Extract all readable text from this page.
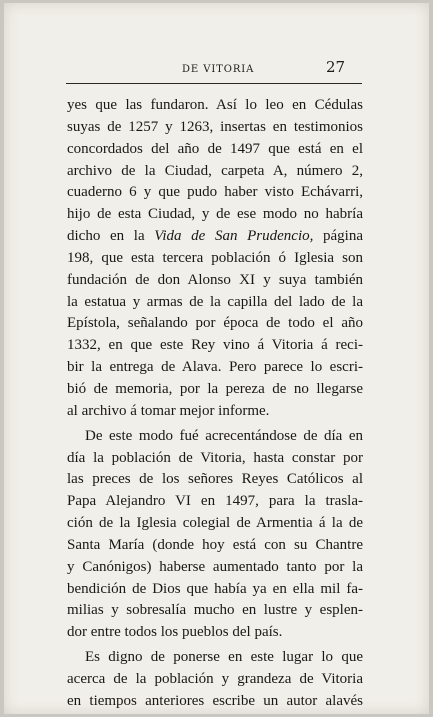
DE VITORIA	27
yes que las fundaron. Así lo leo en Cédulas
suyas de 1257 y 1263, insertas en testimonios
concordados del año de 1497 que está en el
archivo de la Ciudad, carpeta A, número 2,
cuaderno 6 y que pudo haber visto Echávarri,
hijo de esta Ciudad, y de ese modo no habría
dicho en la Vida de San Prudencio, página
198, que esta tercera población ó Iglesia son
fundación de don Alonso XI y suya también
la estatua y armas de la capilla del lado de la
Epístola, señalando por época de todo el año
1332, en que este Rey vino á Vitoria á reci-
bir la entrega de Alava. Pero parece lo escri-
bió de memoria, por la pereza de no llegarse
al archivo á tomar mejor informe.
De este modo fué acrecentándose de día en
día la población de Vitoria, hasta constar por
las preces de los señores Reyes Católicos al
Papa Alejandro VI en 1497, para la trasla-
ción de la Iglesia colegial de Armentia á la de
Santa María (donde hoy está con su Chantre
y Canónigos) haberse aumentado tanto por la
bendición de Dios que había ya en ella mil fa-
milias y sobresalía mucho en lustre y esplen-
dor entre todos los pueblos del país.
Es digno de ponerse en este lugar lo que
acerca de la población y grandeza de Vitoria
en tiempos anteriores escribe un autor alavés
